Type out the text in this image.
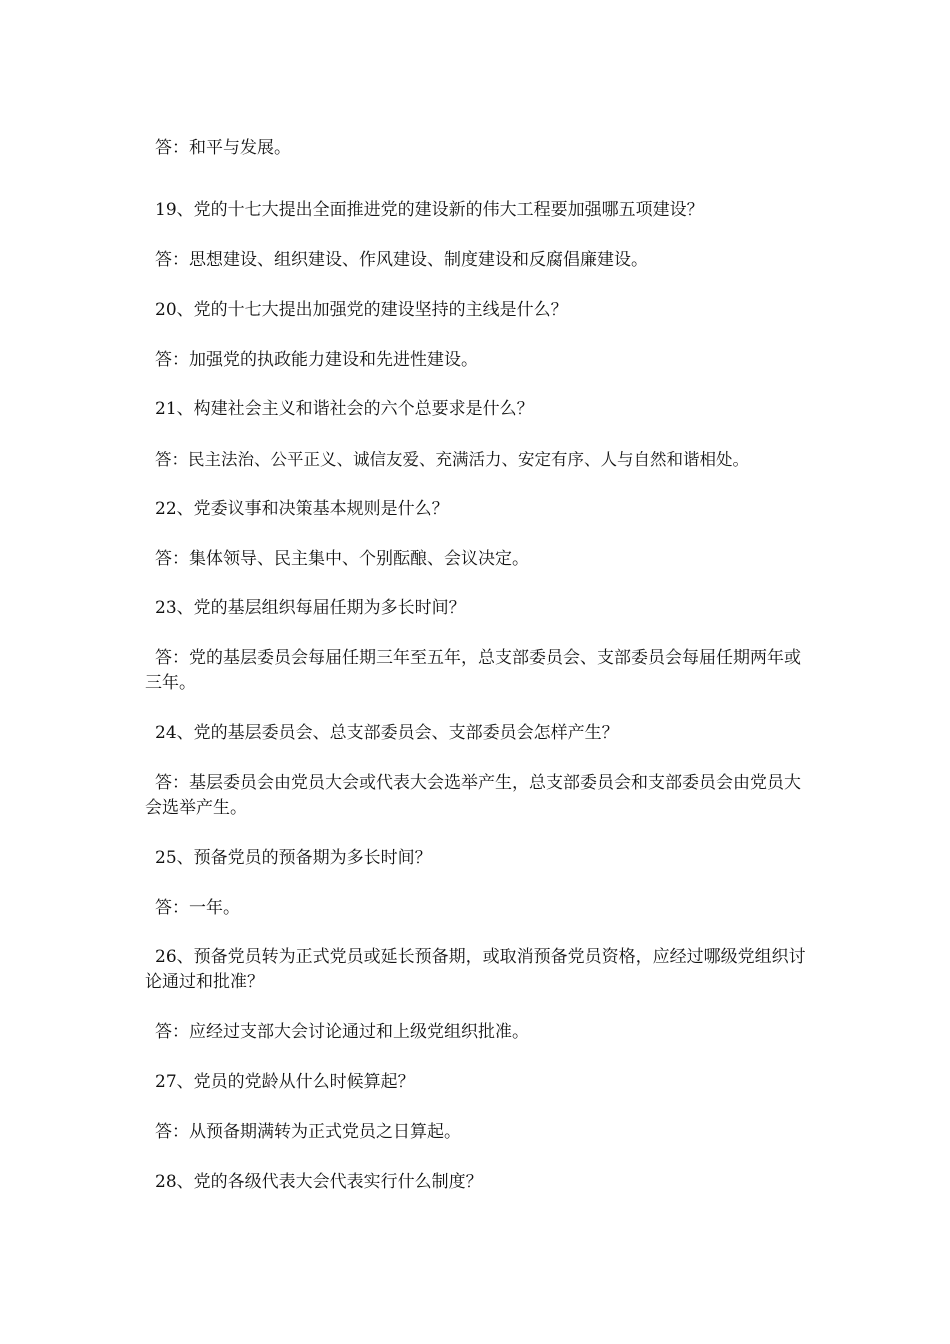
答：和平与发展。

19、党的十七大提出全面推进党的建设新的伟大工程要加强哪五项建设？

答：思想建设、组织建设、作风建设、制度建设和反腐倡廉建设。

20、党的十七大提出加强党的建设坚持的主线是什么？

答：加强党的执政能力建设和先进性建设。

21、构建社会主义和谐社会的六个总要求是什么？

答：民主法治、公平正义、诚信友爱、充满活力、安定有序、人与自然和谐相处。

22、党委议事和决策基本规则是什么？

答：集体领导、民主集中、个别酝酿、会议决定。

23、党的基层组织每届任期为多长时间？

答：党的基层委员会每届任期三年至五年，总支部委员会、支部委员会每届任期两年或三年。

24、党的基层委员会、总支部委员会、支部委员会怎样产生？

答：基层委员会由党员大会或代表大会选举产生，总支部委员会和支部委员会由党员大会选举产生。

25、预备党员的预备期为多长时间？

答：一年。

26、预备党员转为正式党员或延长预备期，或取消预备党员资格，应经过哪级党组织讨论通过和批准？

答：应经过支部大会讨论通过和上级党组织批准。

27、党员的党龄从什么时候算起？

答：从预备期满转为正式党员之日算起。

28、党的各级代表大会代表实行什么制度？
